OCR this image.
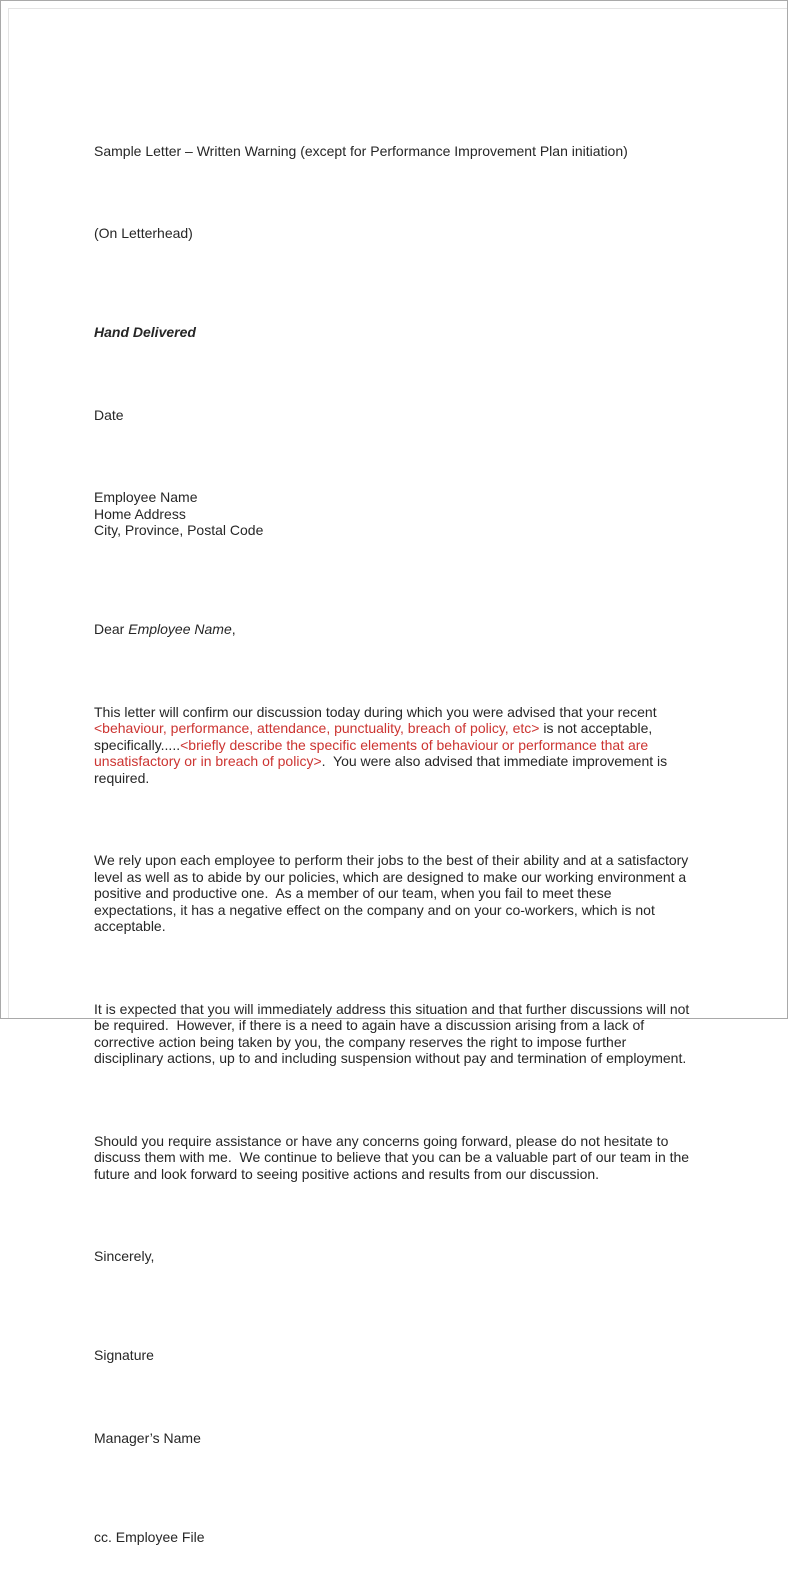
Sample Letter – Written Warning (except for Performance Improvement Plan initiation)

(On Letterhead)

Hand Delivered

Date

Employee Name
Home Address
City, Province, Postal Code

Dear Employee Name,

This letter will confirm our discussion today during which you were advised that your recent
<behaviour, performance, attendance, punctuality, breach of policy, etc> is not acceptable,
specifically.....<briefly describe the specific elements of behaviour or performance that are
unsatisfactory or in breach of policy>.  You were also advised that immediate improvement is
required.

We rely upon each employee to perform their jobs to the best of their ability and at a satisfactory
level as well as to abide by our policies, which are designed to make our working environment a
positive and productive one.  As a member of our team, when you fail to meet these
expectations, it has a negative effect on the company and on your co-workers, which is not
acceptable.

It is expected that you will immediately address this situation and that further discussions will not
be required.  However, if there is a need to again have a discussion arising from a lack of
corrective action being taken by you, the company reserves the right to impose further
disciplinary actions, up to and including suspension without pay and termination of employment.

Should you require assistance or have any concerns going forward, please do not hesitate to
discuss them with me.  We continue to believe that you can be a valuable part of our team in the
future and look forward to seeing positive actions and results from our discussion.

Sincerely,

Signature

Manager’s Name

cc. Employee File
